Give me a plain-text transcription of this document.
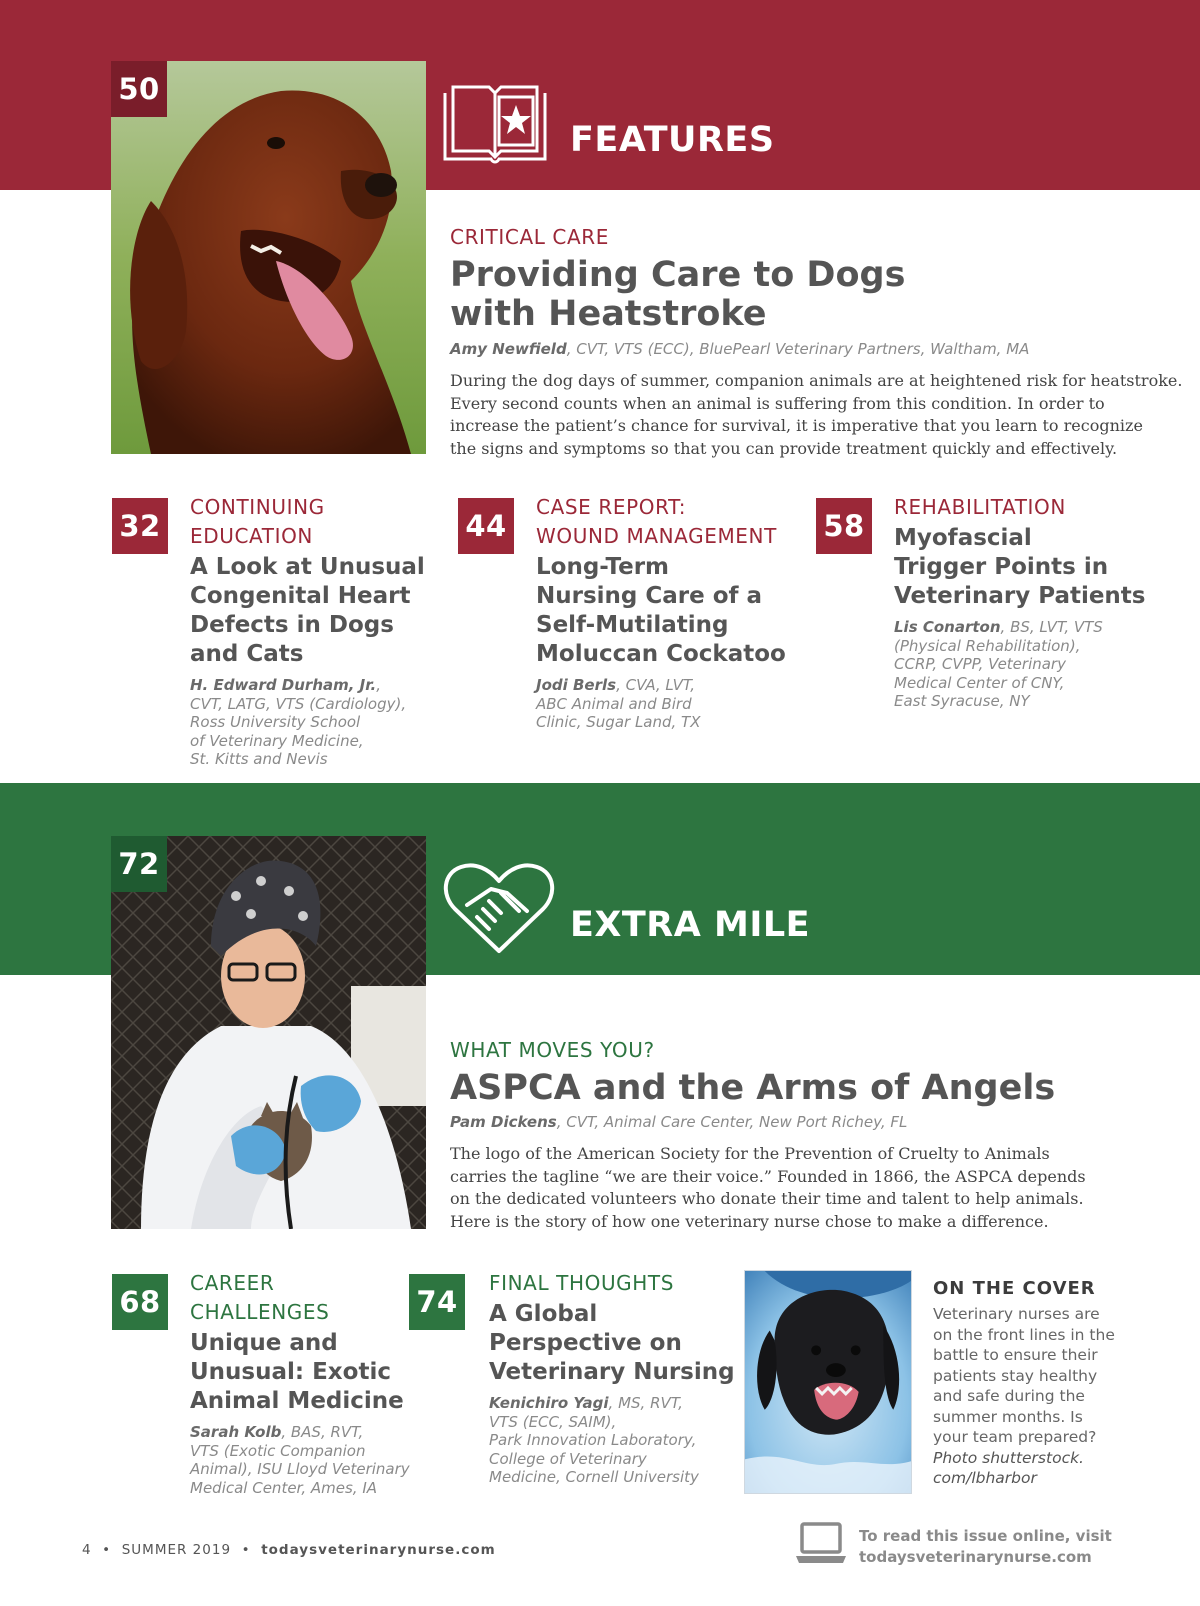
50
FEATURES
CRITICAL CARE
Providing Care to Dogs
with Heatstroke
Amy Newfield, CVT, VTS (ECC), BluePearl Veterinary Partners, Waltham, MA
During the dog days of summer, companion animals are at heightened risk for heatstroke.
Every second counts when an animal is suffering from this condition. In order to
increase the patient’s chance for survival, it is imperative that you learn to recognize
the signs and symptoms so that you can provide treatment quickly and effectively.
32
CONTINUING
EDUCATION
A Look at Unusual
Congenital Heart
Defects in Dogs
and Cats
H. Edward Durham, Jr.,
CVT, LATG, VTS (Cardiology),
Ross University School
of Veterinary Medicine,
St. Kitts and Nevis
44
CASE REPORT:
WOUND MANAGEMENT
Long-Term
Nursing Care of a
Self-Mutilating
Moluccan Cockatoo
Jodi Berls, CVA, LVT,
ABC Animal and Bird
Clinic, Sugar Land, TX
58
REHABILITATION
Myofascial
Trigger Points in
Veterinary Patients
Lis Conarton, BS, LVT, VTS
(Physical Rehabilitation),
CCRP, CVPP, Veterinary
Medical Center of CNY,
East Syracuse, NY
72
EXTRA MILE
WHAT MOVES YOU?
ASPCA and the Arms of Angels
Pam Dickens, CVT, Animal Care Center, New Port Richey, FL
The logo of the American Society for the Prevention of Cruelty to Animals
carries the tagline “we are their voice.” Founded in 1866, the ASPCA depends
on the dedicated volunteers who donate their time and talent to help animals.
Here is the story of how one veterinary nurse chose to make a difference.
68
CAREER
CHALLENGES
Unique and
Unusual: Exotic
Animal Medicine
Sarah Kolb, BAS, RVT,
VTS (Exotic Companion
Animal), ISU Lloyd Veterinary
Medical Center, Ames, IA
74
FINAL THOUGHTS
A Global
Perspective on
Veterinary Nursing
Kenichiro Yagi, MS, RVT,
VTS (ECC, SAIM),
Park Innovation Laboratory,
College of Veterinary
Medicine, Cornell University
ON THE COVER
Veterinary nurses are
on the front lines in the
battle to ensure their
patients stay healthy
and safe during the
summer months. Is
your team prepared?
Photo shutterstock.
com/lbharbor
4  •  SUMMER 2019  •  todaysveterinarynurse.com
To read this issue online, visit
todaysveterinarynurse.com
